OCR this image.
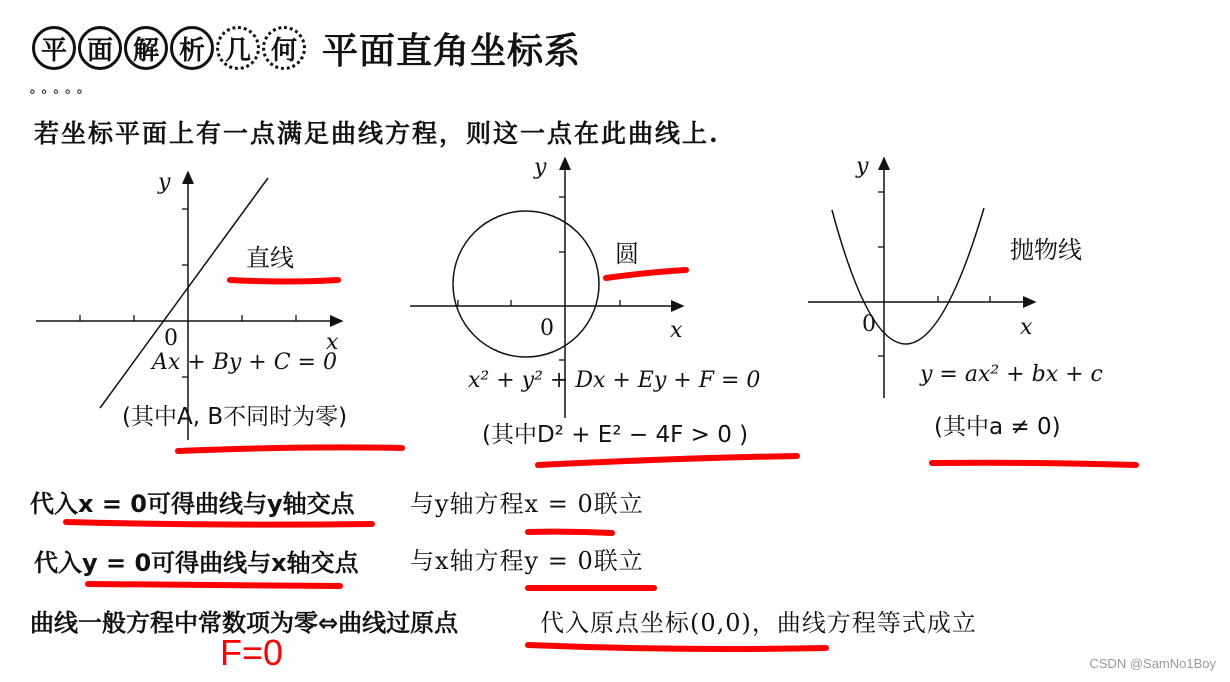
平 面 解 析 几 何 平面直角坐标系
∘∘∘∘∘
若坐标平面上有一点满足曲线方程，则这一点在此曲线上.
y
x
0
直线
Ax + By + C = 0
(其中A, B不同时为零)
y
x
0
圆
x² + y² + Dx + Ey + F = 0
(其中D² + E² − 4F > 0 )
y
x
0
抛物线
y = ax² + bx + c
(其中a ≠ 0)
代入x = 0可得曲线与y轴交点 与y轴方程x = 0联立
代入y = 0可得曲线与x轴交点 与x轴方程y = 0联立
曲线一般方程中常数项为零⇔曲线过原点	代入原点坐标(0,0)，曲线方程等式成立
F=0	CSDN @SamNo1Boy
